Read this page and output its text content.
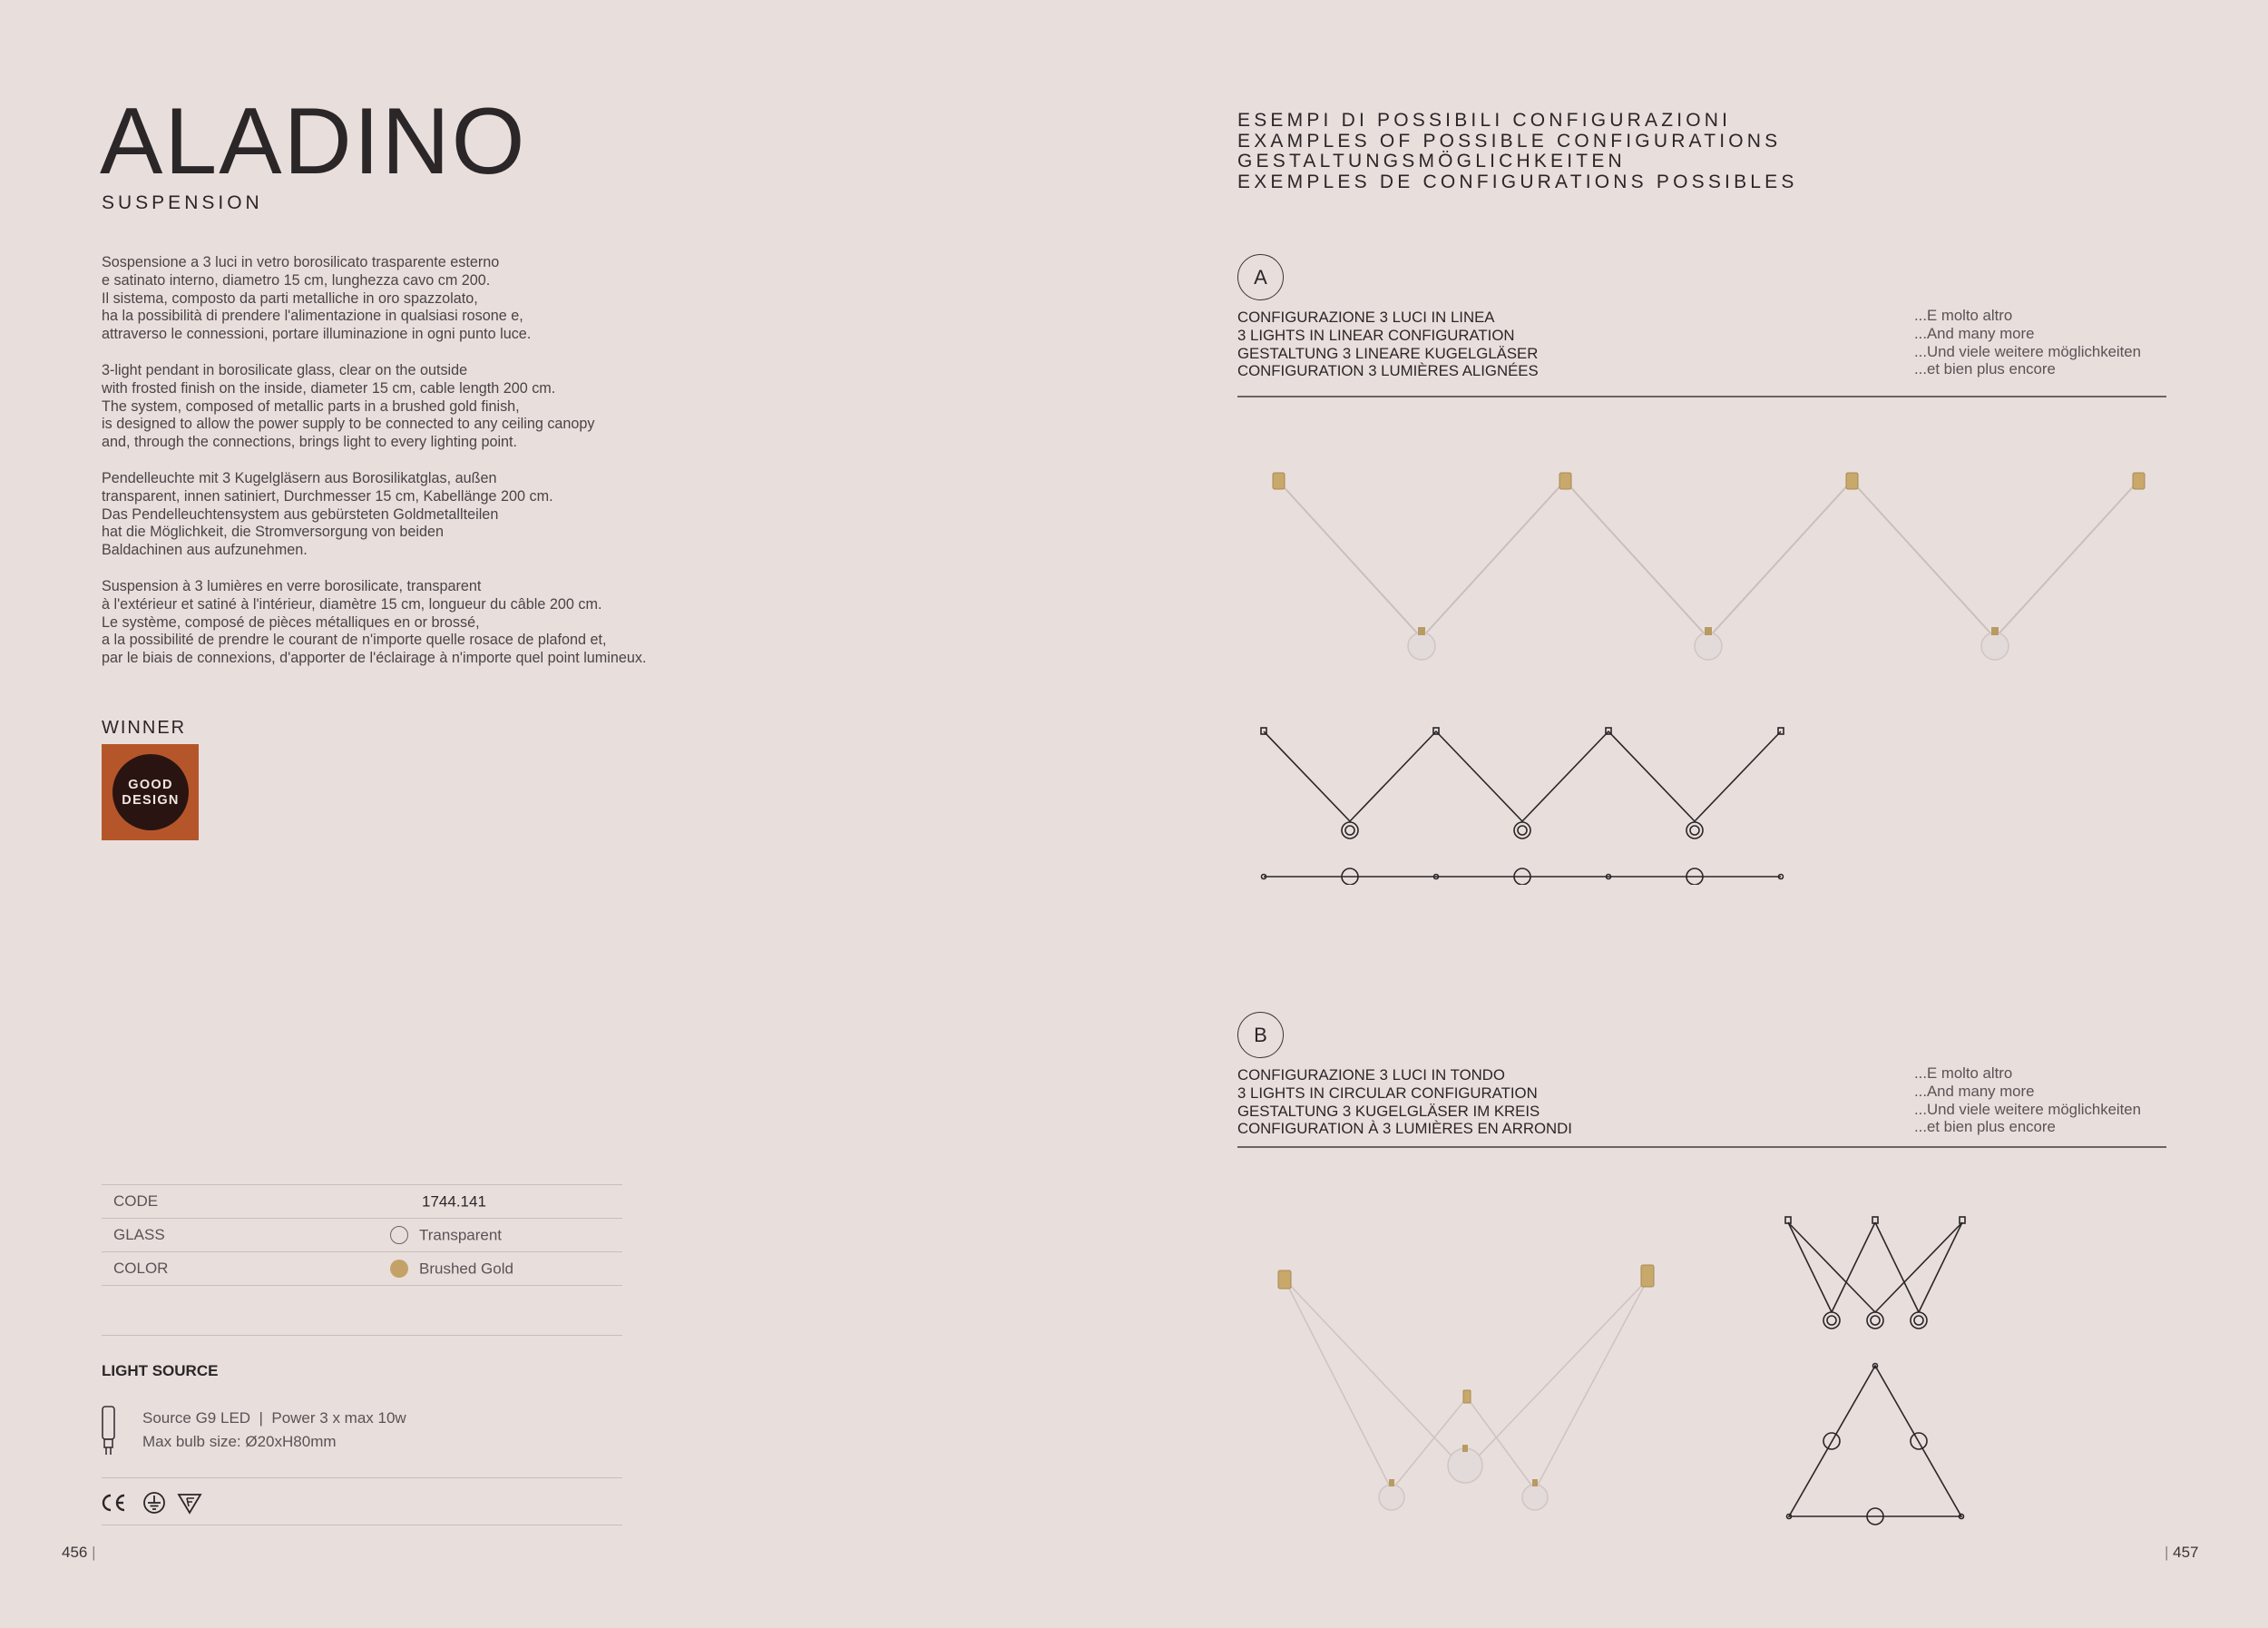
ALADINO
SUSPENSION

Sospensione a 3 luci in vetro borosilicato trasparente esterno
e satinato interno, diametro 15 cm, lunghezza cavo cm 200.
Il sistema, composto da parti metalliche in oro spazzolato,
ha la possibilità di prendere l'alimentazione in qualsiasi rosone e,
attraverso le connessioni, portare illuminazione in ogni punto luce.

3-light pendant in borosilicate glass, clear on the outside
with frosted finish on the inside, diameter 15 cm, cable length 200 cm.
The system, composed of metallic parts in a brushed gold finish,
is designed to allow the power supply to be connected to any ceiling canopy
and, through the connections, brings light to every lighting point.

Pendelleuchte mit 3 Kugelgläsern aus Borosilikatglas, außen
transparent, innen satiniert, Durchmesser 15 cm, Kabellänge 200 cm.
Das Pendelleuchtensystem aus gebürsteten Goldmetallteilen
hat die Möglichkeit, die Stromversorgung von beiden
Baldachinen aus aufzunehmen.

Suspension à 3 lumières en verre borosilicate, transparent
à l'extérieur et satiné à l'intérieur, diamètre 15 cm, longueur du câble 200 cm.
Le système, composé de pièces métalliques en or brossé,
a la possibilité de prendre le courant de n'importe quelle rosace de plafond et,
par le biais de connexions, d'apporter de l'éclairage à n'importe quel point lumineux.

WINNER
GOOD
DESIGN
CODE	1744.141
GLASS	Transparent
COLOR	Brushed Gold
LIGHT SOURCE
Source G9 LED  |  Power 3 x max 10w
Max bulb size: Ø20xH80mm
456 |
ESEMPI DI POSSIBILI CONFIGURAZIONI
EXAMPLES OF POSSIBLE CONFIGURATIONS
GESTALTUNGSMÖGLICHKEITEN
EXEMPLES DE CONFIGURATIONS POSSIBLES
A
CONFIGURAZIONE 3 LUCI IN LINEA
3 LIGHTS IN LINEAR CONFIGURATION
GESTALTUNG 3 LINEARE KUGELGLÄSER
CONFIGURATION 3 LUMIÈRES ALIGNÉES
...E molto altro
...And many more
...Und viele weitere möglichkeiten
...et bien plus encore
B
CONFIGURAZIONE 3 LUCI IN TONDO
3 LIGHTS IN CIRCULAR CONFIGURATION
GESTALTUNG 3 KUGELGLÄSER IM KREIS
CONFIGURATION À 3 LUMIÈRES EN ARRONDI
...E molto altro
...And many more
...Und viele weitere möglichkeiten
...et bien plus encore
| 457
